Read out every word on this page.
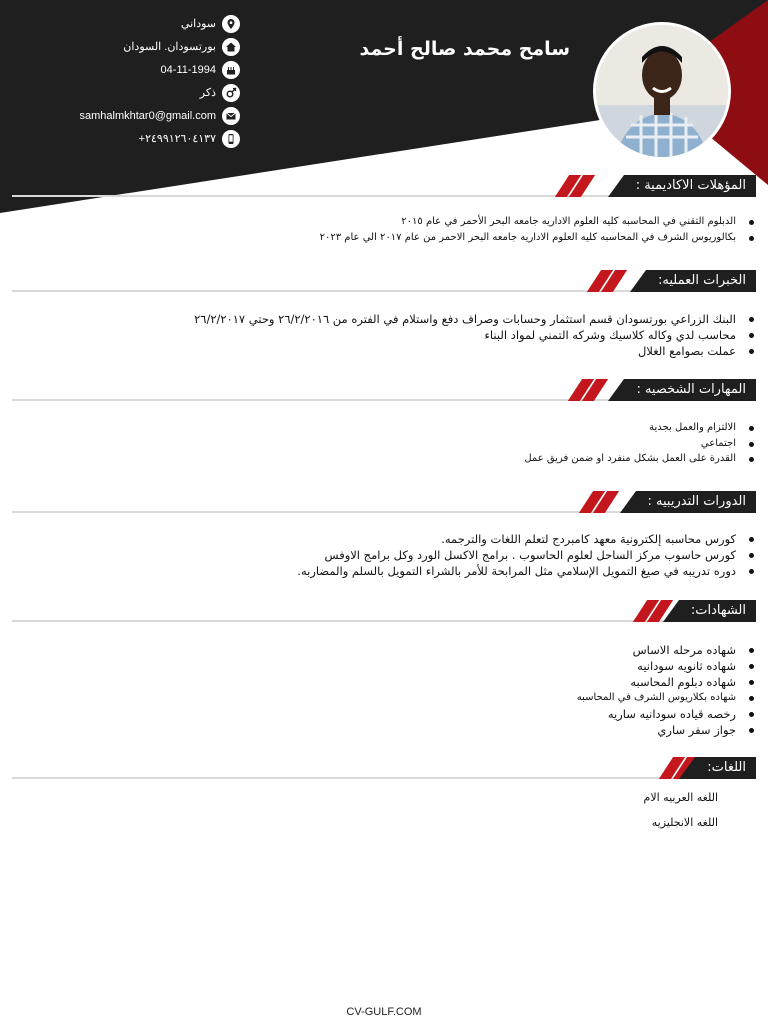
سامح محمد صالح أحمد
سوداني
بورتسودان. السودان
04-11-1994
ذكر
samhalmkhtar0@gmail.com
+٢٤٩٩١٢٦٠٤١٣٧
المؤهلات الاكاديمية :
الدبلوم التقني في المحاسبه كليه العلوم الاداريه جامعه البحر الأحمر في عام ٢٠١٥
بكالوريوس الشرف في المحاسبه كليه العلوم الاداريه جامعه البحر الاحمر من عام ٢٠١٧ الي عام ٢٠٢٣
الخبرات العمليه:
البنك الزراعي بورتسودان قسم استثمار وحسابات وصراف دفع واستلام في الفتره من ٢٦/٢/٢٠١٦ وحتي ٢٦/٢/٢٠١٧
محاسب لدي وكاله كلاسيك وشركه التمني لمواد البناء
عملت بصوامع الغلال
المهارات الشخصيه :
الالتزام والعمل بجدية
اجتماعي
القدرة على العمل بشكل منفرد او ضمن فريق عمل
الدورات التدريبيه :
كورس محاسبه إلكترونية معهد كامبردج لتعلم اللغات والترجمه.
كورس حاسوب مركز الساحل لعلوم الحاسوب . برامج الاكسل الورد وكل برامج الاوفس
دوره تدريبه في صيغ التمويل الإسلامي مثل المرابحة للأمر بالشراء التمويل بالسلم والمضاربه.
الشهادات:
شهاده مرحله الاساس
شهاده ثانويه سودانيه
شهاده دبلوم المحاسبه
شهاده بكلاريوس الشرف في المحاسبه
رخصه قياده سودانيه ساريه
جواز سفر ساري
اللغات:
اللغه العربيه الام
اللغه الانجليزيه
CV-GULF.COM
